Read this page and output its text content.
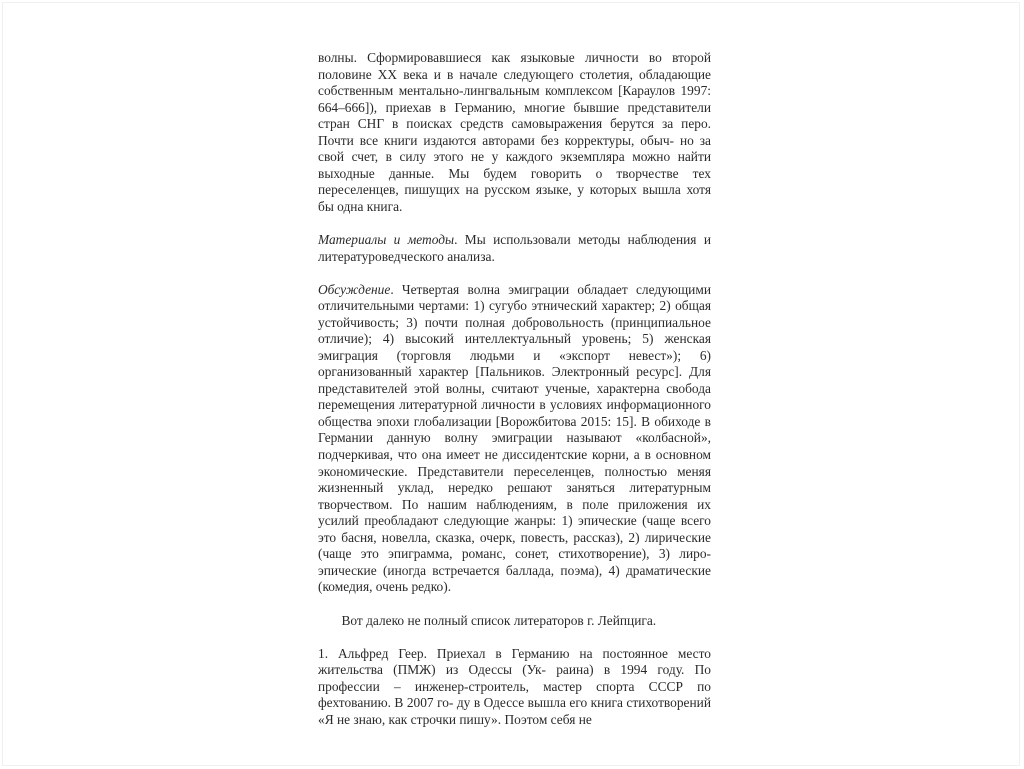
волны. Сформировавшиеся как языковые личности во второй половине XX века и в начале следующего столетия, обладающие собственным ментально-лингвальным комплексом [Караулов 1997: 664–666]), приехав в Германию, многие бывшие представители стран СНГ в поисках средств самовыражения берутся за перо. Почти все книги издаются авторами без корректуры, обыч- но за свой счет, в силу этого не у каждого экземпляра можно найти выходные данные. Мы будем говорить о творчестве тех переселенцев, пишущих на русском языке, у которых вышла хотя бы одна книга.

Материалы и методы. Мы использовали методы наблюдения и литературоведческого анализа.

Обсуждение. Четвертая волна эмиграции обладает следующими отличительными чертами: 1) сугубо этнический характер; 2) общая устойчивость; 3) почти полная добровольность (принципиальное отличие); 4) высокий интеллектуальный уровень; 5) женская эмиграция (торговля людьми и «экспорт невест»); 6) организованный характер [Пальников. Электронный ресурс]. Для представителей этой волны, считают ученые, характерна свобода перемещения литературной личности в условиях информационного общества эпохи глобализации [Ворожбитова 2015: 15]. В обиходе в Германии данную волну эмиграции называют «колбасной», подчеркивая, что она имеет не диссидентские корни, а в основном экономические. Представители переселенцев, полностью меняя жизненный уклад, нередко решают заняться литературным творчеством. По нашим наблюдениям, в поле приложения их усилий преобладают следующие жанры: 1) эпические (чаще всего это басня, новелла, сказка, очерк, повесть, рассказ), 2) лирические (чаще это эпиграмма, романс, сонет, стихотворение), 3) лиро-эпические (иногда встречается баллада, поэма), 4) драматические (комедия, очень редко).

Вот далеко не полный список литераторов г. Лейпцига.

1. Альфред Геер. Приехал в Германию на постоянное место жительства (ПМЖ) из Одессы (Ук- раина) в 1994 году. По профессии – инженер-строитель, мастер спорта СССР по фехтованию. В 2007 го- ду в Одессе вышла его книга стихотворений «Я не знаю, как строчки пишу». Поэтом себя не
